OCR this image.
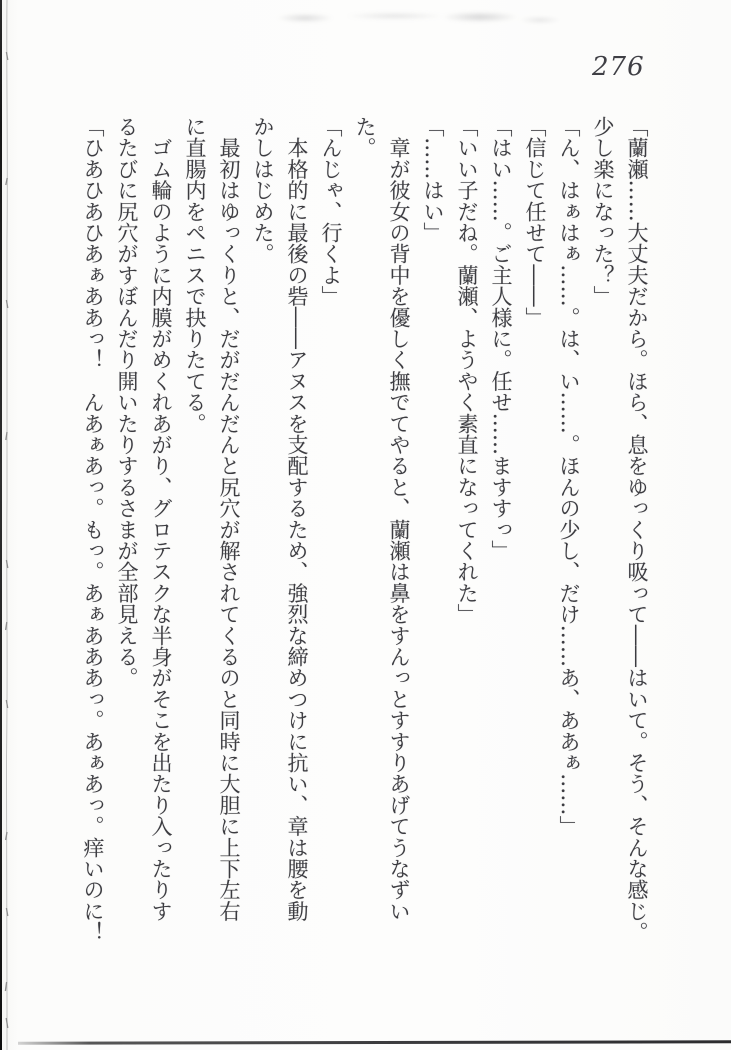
276
「蘭瀬……大丈夫だから。ほら、息をゆっくり吸って――はいて。そう、そんな感じ。
少し楽になった？」
「ん、はぁはぁ……。は、い……。ほんの少し、だけ……あ、ああぁ……」
「信じて任せて――」
「はい……。ご主人様に。任せ……ますすっ」
「いい子だね。蘭瀬、ようやく素直になってくれた」
「……はい」
　章が彼女の背中を優しく撫でてやると、蘭瀬は鼻をすんっとすすりあげてうなずい
た。
「んじゃ、行くよ」
　本格的に最後の砦――アヌスを支配するため、強烈な締めつけに抗い、章は腰を動
かしはじめた。
　最初はゆっくりと、だがだんだんと尻穴が解されてくるのと同時に大胆に上下左右
に直腸内をペニスで抉りたてる。
　ゴム輪のように内膜がめくれあがり、グロテスクな半身がそこを出たり入ったりす
るたびに尻穴がすぼんだり開いたりするさまが全部見える。
「ひあひあひあぁああっ！　んあぁあっ。もっ。あぁあああっ。あぁあっ。痒いのに！
